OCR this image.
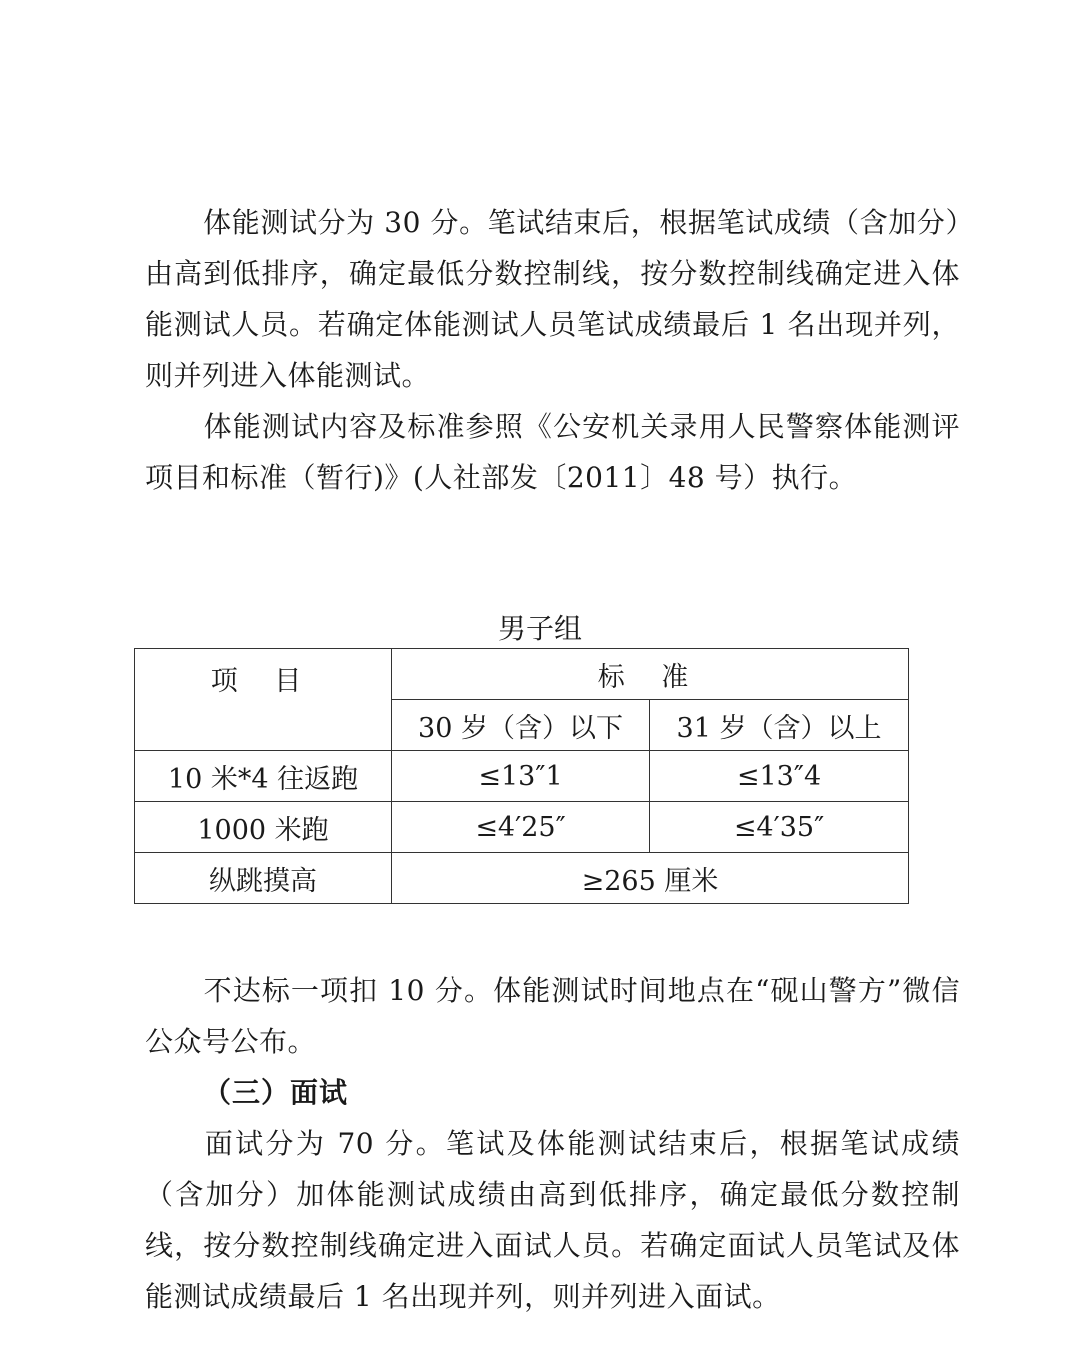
体能测试分为 30 分。笔试结束后，根据笔试成绩（含加分）由高到低排序，确定最低分数控制线，按分数控制线确定进入体能测试人员。若确定体能测试人员笔试成绩最后 1 名出现并列，则并列进入体能测试。
体能测试内容及标准参照《公安机关录用人民警察体能测评项目和标准（暂行)》(人社部发〔2011〕48 号）执行。
男子组
项 目	标 准	
	30 岁（含）以下	31 岁（含）以上
10 米*4 往返跑	≤13″1	≤13″4
1000 米跑	≤4′25″	≤4′35″
纵跳摸高	≥265 厘米	
不达标一项扣 10 分。体能测试时间地点在“砚山警方”微信公众号公布。
（三）面试
面试分为 70 分。笔试及体能测试结束后，根据笔试成绩（含加分）加体能测试成绩由高到低排序，确定最低分数控制线，按分数控制线确定进入面试人员。若确定面试人员笔试及体能测试成绩最后 1 名出现并列，则并列进入面试。
